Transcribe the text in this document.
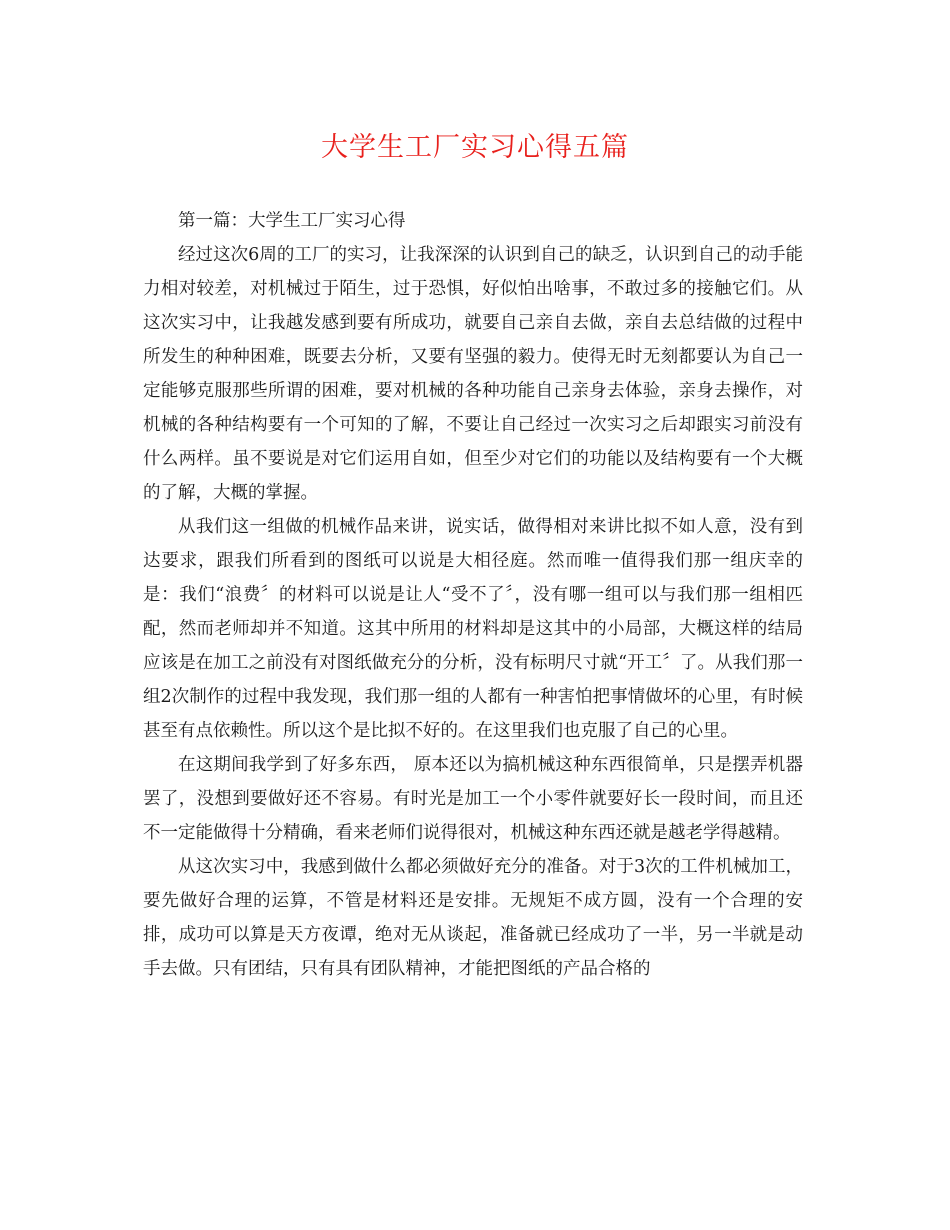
大学生工厂实习心得五篇

第一篇：大学生工厂实习心得

经过这次6周的工厂的实习，让我深深的认识到自己的缺乏，认识到自己的动手能力相对较差，对机械过于陌生，过于恐惧，好似怕出啥事，不敢过多的接触它们。从这次实习中，让我越发感到要有所成功，就要自己亲自去做，亲自去总结做的过程中所发生的种种困难，既要去分析，又要有坚强的毅力。使得无时无刻都要认为自己一定能够克服那些所谓的困难，要对机械的各种功能自己亲身去体验，亲身去操作，对机械的各种结构要有一个可知的了解，不要让自己经过一次实习之后却跟实习前没有什么两样。虽不要说是对它们运用自如，但至少对它们的功能以及结构要有一个大概的了解，大概的掌握。

从我们这一组做的机械作品来讲，说实话，做得相对来讲比拟不如人意，没有到达要求，跟我们所看到的图纸可以说是大相径庭。然而唯一值得我们那一组庆幸的是：我们“浪费〞的材料可以说是让人“受不了〞，没有哪一组可以与我们那一组相匹配，然而老师却并不知道。这其中所用的材料却是这其中的小局部，大概这样的结局应该是在加工之前没有对图纸做充分的分析，没有标明尺寸就“开工〞了。从我们那一组2次制作的过程中我发现，我们那一组的人都有一种害怕把事情做坏的心里，有时候甚至有点依赖性。所以这个是比拟不好的。在这里我们也克服了自己的心里。

在这期间我学到了好多东西， 原本还以为搞机械这种东西很简单，只是摆弄机器罢了，没想到要做好还不容易。有时光是加工一个小零件就要好长一段时间，而且还不一定能做得十分精确，看来老师们说得很对，机械这种东西还就是越老学得越精。

从这次实习中，我感到做什么都必须做好充分的准备。对于3次的工件机械加工，要先做好合理的运算，不管是材料还是安排。无规矩不成方圆，没有一个合理的安排，成功可以算是天方夜谭，绝对无从谈起，准备就已经成功了一半，另一半就是动手去做。只有团结，只有具有团队精神，才能把图纸的产品合格的
